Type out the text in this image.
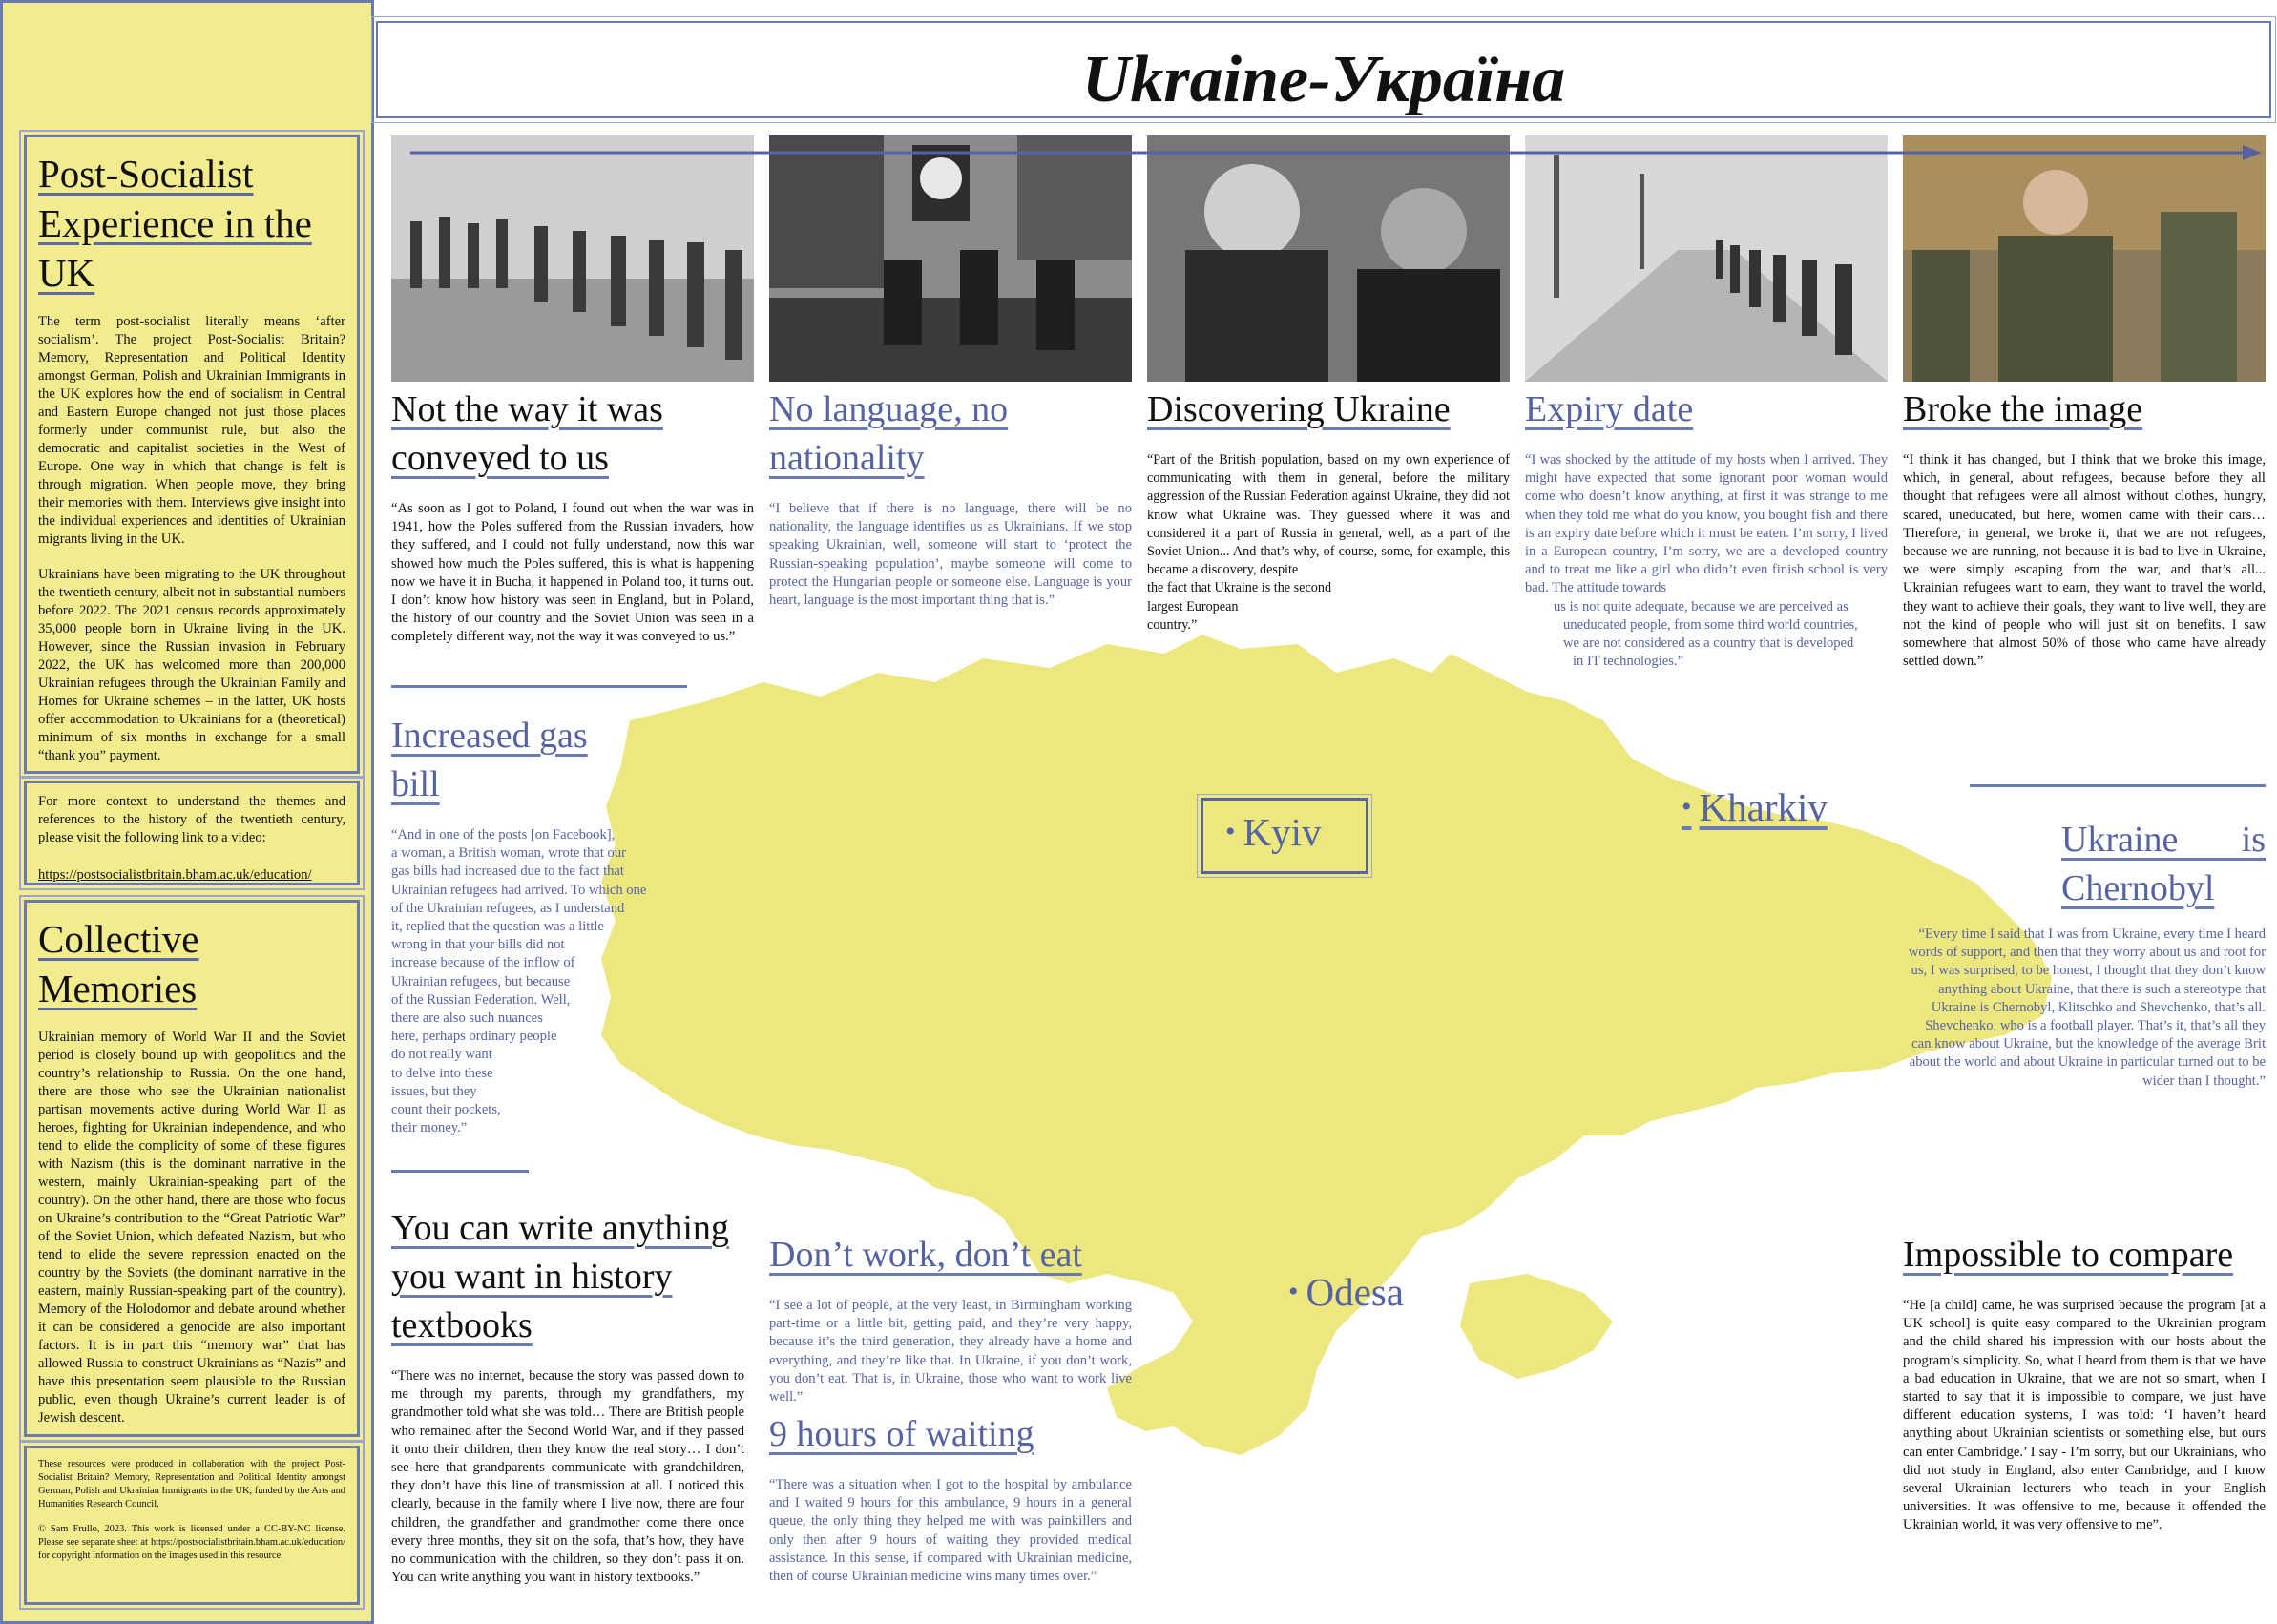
Post-Socialist Experience in the UK

The term post-socialist literally means ‘after socialism’. The project Post-Socialist Britain? Memory, Representation and Political Identity amongst German, Polish and Ukrainian Immigrants in the UK explores how the end of socialism in Central and Eastern Europe changed not just those places formerly under communist rule, but also the democratic and capitalist societies in the West of Europe. One way in which that change is felt is through migration. When people move, they bring their memories with them. Interviews give insight into the individual experiences and identities of Ukrainian migrants living in the UK.

Ukrainians have been migrating to the UK throughout the twentieth century, albeit not in substantial numbers before 2022. The 2021 census records approximately 35,000 people born in Ukraine living in the UK. However, since the Russian invasion in February 2022, the UK has welcomed more than 200,000 Ukrainian refugees through the Ukrainian Family and Homes for Ukraine schemes – in the latter, UK hosts offer accommodation to Ukrainians for a (theoretical) minimum of six months in exchange for a small “thank you” payment.

For more context to understand the themes and references to the history of the twentieth century, please visit the following link to a video:

https://postsocialistbritain.bham.ac.uk/education/

Collective Memories

Ukrainian memory of World War II and the Soviet period is closely bound up with geopolitics and the country’s relationship to Russia. On the one hand, there are those who see the Ukrainian nationalist partisan movements active during World War II as heroes, fighting for Ukrainian independence, and who tend to elide the complicity of some of these figures with Nazism (this is the dominant narrative in the western, mainly Ukrainian-speaking part of the country). On the other hand, there are those who focus on Ukraine’s contribution to the “Great Patriotic War” of the Soviet Union, which defeated Nazism, but who tend to elide the severe repression enacted on the country by the Soviets (the dominant narrative in the eastern, mainly Russian-speaking part of the country). Memory of the Holodomor and debate around whether it can be considered a genocide are also important factors. It is in part this “memory war” that has allowed Russia to construct Ukrainians as “Nazis” and have this presentation seem plausible to the Russian public, even though Ukraine’s current leader is of Jewish descent.

These resources were produced in collaboration with the project Post-Socialist Britain? Memory, Representation and Political Identity amongst German, Polish and Ukrainian Immigrants in the UK, funded by the Arts and Humanities Research Council.

© Sam Frullo, 2023. This work is licensed under a CC-BY-NC license. Please see separate sheet at https://postsocialistbritain.bham.ac.uk/education/ for copyright information on the images used in this resource.

Ukraine-Україна
Not the way it was conveyed to us

“As soon as I got to Poland, I found out when the war was in 1941, how the Poles suffered from the Russian invaders, how they suffered, and I could not fully understand, now this war showed how much the Poles suffered, this is what is happening now we have it in Bucha, it happened in Poland too, it turns out. I don’t know how history was seen in England, but in Poland, the history of our country and the Soviet Union was seen in a completely different way, not the way it was conveyed to us.”

No language, no nationality

“I believe that if there is no language, there will be no nationality, the language identifies us as Ukrainians. If we stop speaking Ukrainian, well, someone will start to ‘protect the Russian-speaking population’, maybe someone will come to protect the Hungarian people or someone else. Language is your heart, language is the most important thing that is.”

Discovering Ukraine

“Part of the British population, based on my own experience of communicating with them in general, before the military aggression of the Russian Federation against Ukraine, they did not know what Ukraine was. They guessed where it was and considered it a part of Russia in general, well, as a part of the Soviet Union... And that’s why, of course, some, for example, this became a discovery, despite
the fact that Ukraine is the second
largest European
country.”

Expiry date

“I was shocked by the attitude of my hosts when I arrived. They might have expected that some ignorant poor woman would come who doesn’t know anything, at first it was strange to me when they told me what do you know, you bought fish and there is an expiry date before which it must be eaten. I’m sorry, I lived in a European country, I’m sorry, we are a developed country and to treat me like a girl who didn’t even finish school is very bad. The attitude towards
us is not quite adequate, because we are perceived as
uneducated people, from some third world countries,
we are not considered as a country that is developed
in IT technologies.”

Broke the image

“I think it has changed, but I think that we broke this image, which, in general, about refugees, because before they all thought that refugees were all almost without clothes, hungry, scared, uneducated, but here, women came with their cars… Therefore, in general, we broke it, that we are not refugees, because we are running, not because it is bad to live in Ukraine, we were simply escaping from the war, and that’s all... Ukrainian refugees want to earn, they want to travel the world, they want to achieve their goals, they want to live well, they are not the kind of people who will just sit on benefits. I saw somewhere that almost 50% of those who came have already settled down.”

Increased gas bill

“And in one of the posts [on Facebook],
a woman, a British woman, wrote that our
gas bills had increased due to the fact that
Ukrainian refugees had arrived. To which one
of the Ukrainian refugees, as I understand
it, replied that the question was a little
wrong in that your bills did not
increase because of the inflow of
Ukrainian refugees, but because
of the Russian Federation. Well,
there are also such nuances
here, perhaps ordinary people
do not really want
to delve into these
issues, but they
count their pockets,
their money.”

Ukraine is Chernobyl

“Every time I said that I was from Ukraine, every time I heard words of support, and then that they worry about us and root for us, I was surprised, to be honest, I thought that they don’t know anything about Ukraine, that there is such a stereotype that Ukraine is Chernobyl, Klitschko and Shevchenko, that’s all. Shevchenko, who is a football player. That’s it, that’s all they can know about Ukraine, but the knowledge of the average Brit about the world and about Ukraine in particular turned out to be wider than I thought.”

You can write anything you want in history textbooks

“There was no internet, because the story was passed down to me through my parents, through my grandfathers, my grandmother told what she was told… There are British people who remained after the Second World War, and if they passed it onto their children, then they know the real story… I don’t see here that grandparents communicate with grandchildren, they don’t have this line of transmission at all. I noticed this clearly, because in the family where I live now, there are four children, the grandfather and grandmother come there once every three months, they sit on the sofa, that’s how, they have no communication with the children, so they don’t pass it on. You can write anything you want in history textbooks.”

Don’t work, don’t eat

“I see a lot of people, at the very least, in Birmingham working part-time or a little bit, getting paid, and they’re very happy, because it’s the third generation, they already have a home and everything, and they’re like that. In Ukraine, if you don’t work, you don’t eat. That is, in Ukraine, those who want to work live well.”

9 hours of waiting

“There was a situation when I got to the hospital by ambulance and I waited 9 hours for this ambulance, 9 hours in a general queue, the only thing they helped me with was painkillers and only then after 9 hours of waiting they provided medical assistance. In this sense, if compared with Ukrainian medicine, then of course Ukrainian medicine wins many times over.”

Impossible to compare

“He [a child] came, he was surprised because the program [at a UK school] is quite easy compared to the Ukrainian program and the child shared his impression with our hosts about the program’s simplicity. So, what I heard from them is that we have a bad education in Ukraine, that we are not so smart, when I started to say that it is impossible to compare, we just have different education systems, I was told: ‘I haven’t heard anything about Ukrainian scientists or something else, but ours can enter Cambridge.’ I say - I’m sorry, but our Ukrainians, who did not study in England, also enter Cambridge, and I know several Ukrainian lecturers who teach in your English universities. It was offensive to me, because it offended the Ukrainian world, it was very offensive to me”.

• Kyiv
• Kharkiv
• Odesa
